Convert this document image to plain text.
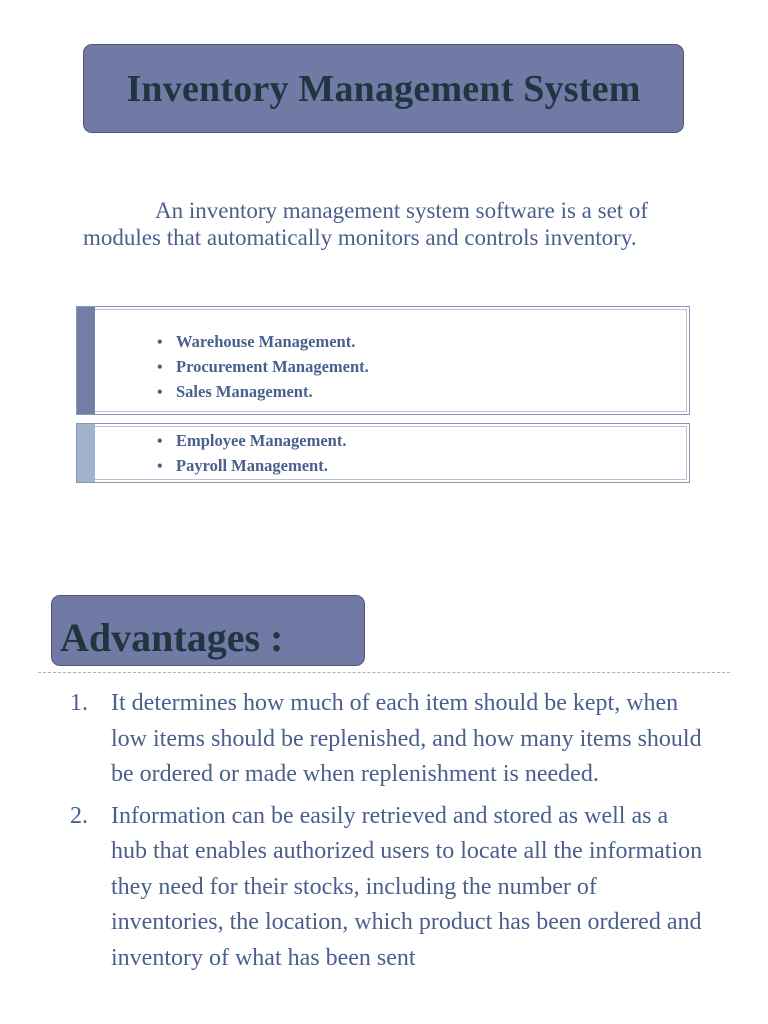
Inventory Management System
An inventory management system software is a set of
modules that automatically monitors and controls inventory.
• Warehouse Management.
• Procurement Management.
• Sales Management.
• Employee Management.
• Payroll Management.
Advantages :
1. It determines how much of each item should be kept, when low items should be replenished, and how many items should be ordered or made when replenishment is needed.
2. Information can be easily retrieved and stored as well as a hub that enables authorized users to locate all the information they need for their stocks, including the number of inventories, the location, which product has been ordered and inventory of what has been sent
